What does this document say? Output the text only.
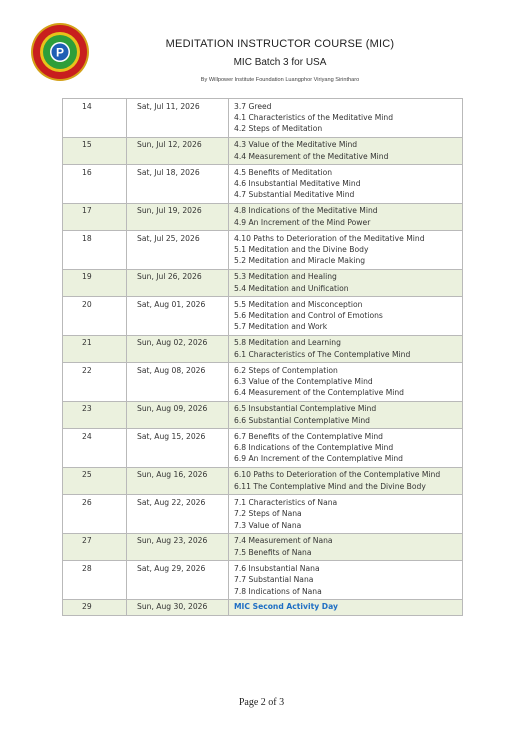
P
MEDITATION INSTRUCTOR COURSE (MIC)
MIC Batch 3 for USA
By Willpower Institute Foundation Luangphor Viriyang Sirintharo
14	Sat, Jul 11, 2026	3.7 Greed
4.1 Characteristics of the Meditative Mind
4.2 Steps of Meditation

15	Sun, Jul 12, 2026	4.3 Value of the Meditative Mind
4.4 Measurement of the Meditative Mind

16	Sat, Jul 18, 2026	4.5 Benefits of Meditation
4.6 Insubstantial Meditative Mind
4.7 Substantial Meditative Mind

17	Sun, Jul 19, 2026	4.8 Indications of the Meditative Mind
4.9 An Increment of the Mind Power

18	Sat, Jul 25, 2026	4.10 Paths to Deterioration of the Meditative Mind
5.1 Meditation and the Divine Body
5.2 Meditation and Miracle Making

19	Sun, Jul 26, 2026	5.3 Meditation and Healing
5.4 Meditation and Unification

20	Sat, Aug 01, 2026	5.5 Meditation and Misconception
5.6 Meditation and Control of Emotions
5.7 Meditation and Work

21	Sun, Aug 02, 2026	5.8 Meditation and Learning
6.1 Characteristics of The Contemplative Mind

22	Sat, Aug 08, 2026	6.2 Steps of Contemplation
6.3 Value of the Contemplative Mind
6.4 Measurement of the Contemplative Mind

23	Sun, Aug 09, 2026	6.5 Insubstantial Contemplative Mind
6.6 Substantial Contemplative Mind

24	Sat, Aug 15, 2026	6.7 Benefits of the Contemplative Mind
6.8 Indications of the Contemplative Mind
6.9 An Increment of the Contemplative Mind

25	Sun, Aug 16, 2026	6.10 Paths to Deterioration of the Contemplative Mind
6.11 The Contemplative Mind and the Divine Body

26	Sat, Aug 22, 2026	7.1 Characteristics of Nana
7.2 Steps of Nana
7.3 Value of Nana

27	Sun, Aug 23, 2026	7.4 Measurement of Nana
7.5 Benefits of Nana

28	Sat, Aug 29, 2026	7.6 Insubstantial Nana
7.7 Substantial Nana
7.8 Indications of Nana

29	Sun, Aug 30, 2026	MIC Second Activity Day
Page 2 of 3
